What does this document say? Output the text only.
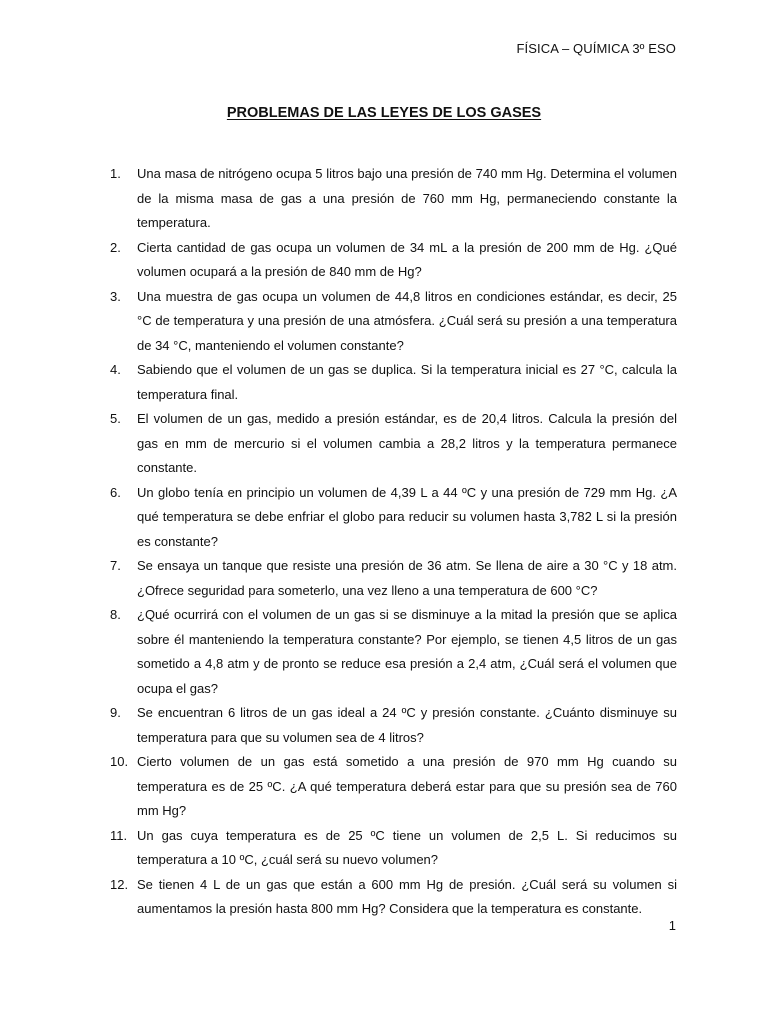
FÍSICA – QUÍMICA 3º ESO
PROBLEMAS DE LAS LEYES DE LOS GASES
1.	Una masa de nitrógeno ocupa 5 litros bajo una presión de 740 mm Hg. Determina el volumen de la misma masa de gas a una presión de 760 mm Hg, permaneciendo constante la temperatura.
2.	Cierta cantidad de gas ocupa un volumen de 34 mL a la presión de 200 mm de Hg. ¿Qué volumen ocupará a la presión de 840 mm de Hg?
3.	Una muestra de gas ocupa un volumen de 44,8 litros en condiciones estándar, es decir, 25 °C de temperatura y una presión de una atmósfera. ¿Cuál será su presión a una temperatura de 34 °C, manteniendo el volumen constante?
4.	Sabiendo que el volumen de un gas se duplica. Si la temperatura inicial es 27 °C, calcula la temperatura final.
5.	El volumen de un gas, medido a presión estándar, es de 20,4 litros. Calcula la presión del gas en mm de mercurio si el volumen cambia a 28,2 litros y la temperatura permanece constante.
6.	Un globo tenía en principio un volumen de 4,39 L a 44 ºC y una presión de 729 mm Hg. ¿A qué temperatura se debe enfriar el globo para reducir su volumen hasta 3,782 L si la presión es constante?
7.	Se ensaya un tanque que resiste una presión de 36 atm. Se llena de aire a 30 °C y 18 atm. ¿Ofrece seguridad para someterlo, una vez lleno a una temperatura de 600 °C?
8.	¿Qué ocurrirá con el volumen de un gas si se disminuye a la mitad la presión que se aplica sobre él manteniendo la temperatura constante? Por ejemplo, se tienen 4,5 litros de un gas sometido a 4,8 atm y de pronto se reduce esa presión a 2,4 atm, ¿Cuál será el volumen que ocupa el gas?
9.	Se encuentran 6 litros de un gas ideal a 24 ºC y presión constante. ¿Cuánto disminuye su temperatura para que su volumen sea de 4 litros?
10. Cierto volumen de un gas está sometido a una presión de 970 mm Hg cuando su temperatura es de 25 ºC. ¿A qué temperatura deberá estar para que su presión sea de 760 mm Hg?
11. Un gas cuya temperatura es de 25 ºC tiene un volumen de 2,5 L. Si reducimos su temperatura a 10 ºC, ¿cuál será su nuevo volumen?
12. Se tienen 4 L de un gas que están a 600 mm Hg de presión. ¿Cuál será su volumen si aumentamos la presión hasta 800 mm Hg? Considera que la temperatura es constante.
1
